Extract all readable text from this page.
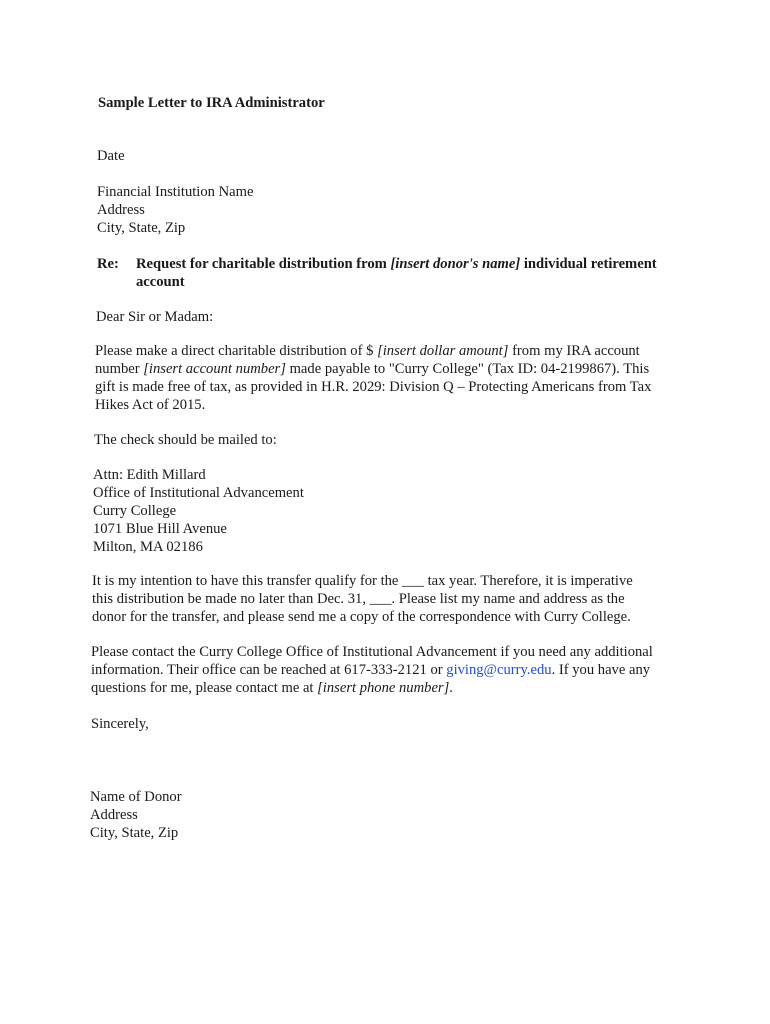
Sample Letter to IRA Administrator
Date
Financial Institution Name
Address
City, State, Zip
Re: Request for charitable distribution from [insert donor's name] individual retirement
account
Dear Sir or Madam:
Please make a direct charitable distribution of $ [insert dollar amount] from my IRA account
number [insert account number] made payable to "Curry College" (Tax ID: 04-2199867). This
gift is made free of tax, as provided in H.R. 2029: Division Q – Protecting Americans from Tax
Hikes Act of 2015.
The check should be mailed to:
Attn: Edith Millard
Office of Institutional Advancement
Curry College
1071 Blue Hill Avenue
Milton, MA 02186
It is my intention to have this transfer qualify for the ___ tax year. Therefore, it is imperative
this distribution be made no later than Dec. 31, ___. Please list my name and address as the
donor for the transfer, and please send me a copy of the correspondence with Curry College.
Please contact the Curry College Office of Institutional Advancement if you need any additional
information. Their office can be reached at 617-333-2121 or giving@curry.edu. If you have any
questions for me, please contact me at [insert phone number].
Sincerely,
Name of Donor
Address
City, State, Zip
